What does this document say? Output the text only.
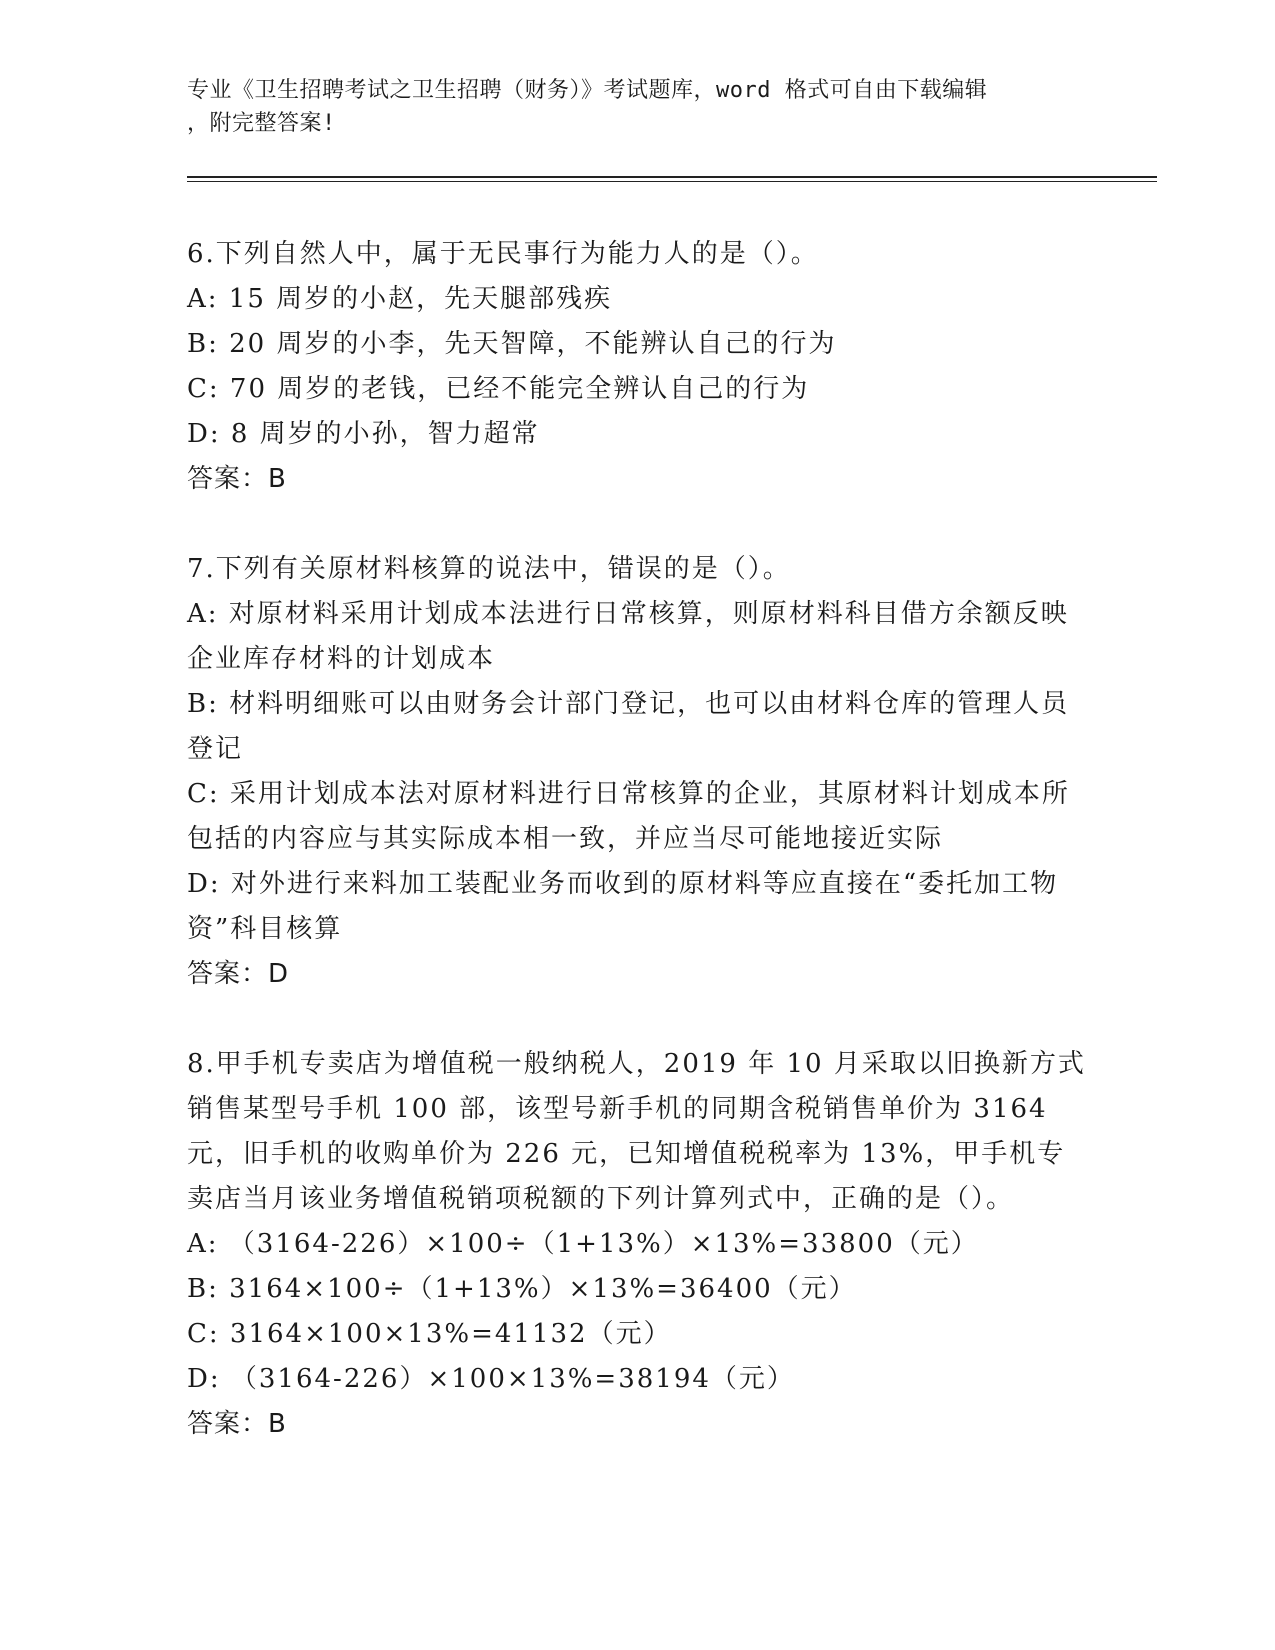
专业《卫生招聘考试之卫生招聘（财务）》考试题库，word 格式可自由下载编辑
，附完整答案!

6.下列自然人中，属于无民事行为能力人的是（）。

A: 15 周岁的小赵，先天腿部残疾

B: 20 周岁的小李，先天智障，不能辨认自己的行为

C: 70 周岁的老钱，已经不能完全辨认自己的行为

D: 8 周岁的小孙，智力超常

答案：B

7.下列有关原材料核算的说法中，错误的是（）。

A: 对原材料采用计划成本法进行日常核算，则原材料科目借方余额反映企业库存材料的计划成本

B: 材料明细账可以由财务会计部门登记，也可以由材料仓库的管理人员登记

C: 采用计划成本法对原材料进行日常核算的企业，其原材料计划成本所包括的内容应与其实际成本相一致，并应当尽可能地接近实际

D: 对外进行来料加工装配业务而收到的原材料等应直接在“委托加工物资”科目核算

答案：D

8.甲手机专卖店为增值税一般纳税人，2019 年 10 月采取以旧换新方式销售某型号手机 100 部，该型号新手机的同期含税销售单价为 3164 元，旧手机的收购单价为 226 元，已知增值税税率为 13%，甲手机专卖店当月该业务增值税销项税额的下列计算列式中，正确的是（）。

A: （3164-226）×100÷（1+13%）×13%=33800（元）

B: 3164×100÷（1+13%）×13%=36400（元）

C: 3164×100×13%=41132（元）

D: （3164-226）×100×13%=38194（元）

答案：B
